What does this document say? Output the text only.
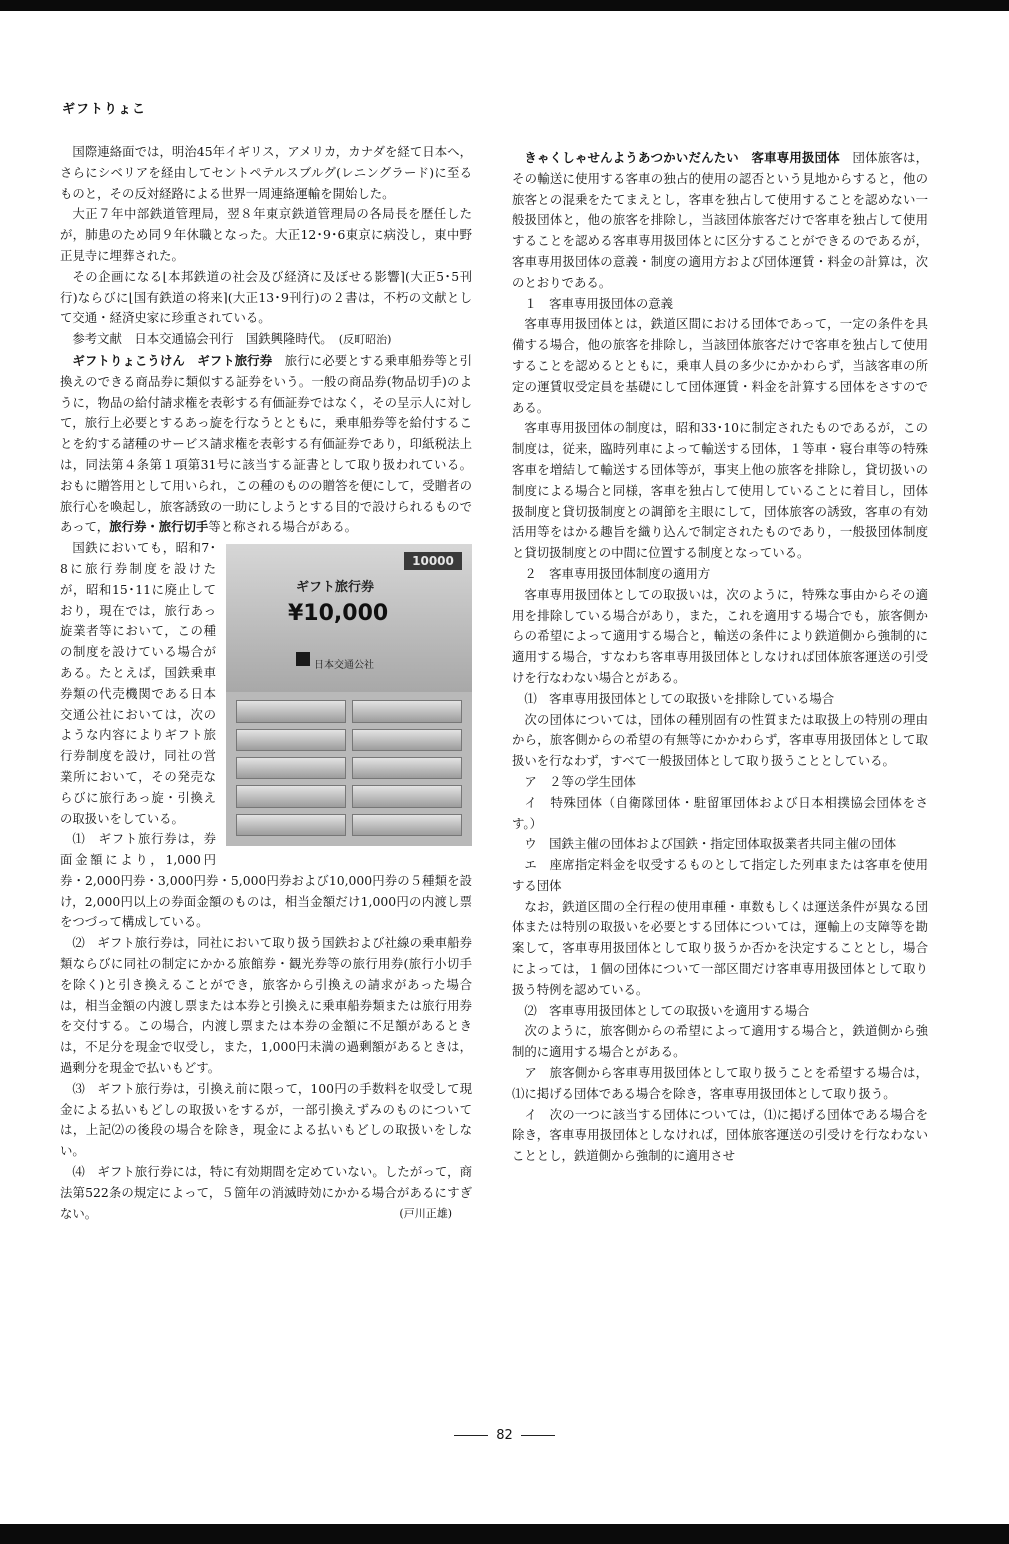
ギフトりょこ

国際連絡面では，明治45年イギリス，アメリカ，カナダを経て日本へ，さらにシベリアを経由してセントペテルスブルグ(レニングラード)に至るものと，その反対経路による世界一周連絡運輸を開始した。

大正７年中部鉄道管理局，翌８年東京鉄道管理局の各局長を歴任したが，肺患のため同９年休職となった。大正12･9･6東京に病没し，東中野正見寺に埋葬された。

その企画になる⌊本邦鉄道の社会及び経済に及ぼせる影響⌉(大正5･5刊行)ならびに⌊国有鉄道の将来⌉(大正13･9刊行)の２書は，不朽の文献として交通・経済史家に珍重されている。

参考文献　日本交通協会刊行　国鉄興隆時代。　 (反町昭治)

ギフトりょこうけん　ギフト旅行券　 旅行に必要とする乗車船券等と引換えのできる商品券に類似する証券をいう。一般の商品券(物品切手)のように，物品の給付請求権を表彰する有価証券ではなく，その呈示人に対して，旅行上必要とするあっ旋を行なうとともに，乗車船券等を給付することを約する諸種のサービス請求権を表彰する有価証券であり，印紙税法上は，同法第４条第１項第31号に該当する証書として取り扱われている。おもに贈答用として用いられ，この種のものの贈答を便にして，受贈者の旅行心を喚起し，旅客誘致の一助にしようとする目的で設けられるものであって，旅行券・旅行切手等と称される場合がある。

10000
ギフト旅行券
¥10,000
日本交通公社

国鉄においても，昭和7･8に旅行券制度を設けたが，昭和15･11に廃止しており，現在では，旅行あっ旋業者等において，この種の制度を設けている場合がある。たとえば，国鉄乗車券類の代売機関である日本交通公社においては，次のような内容によりギフト旅行券制度を設け，同社の営業所において，その発売ならびに旅行あっ旋・引換えの取扱いをしている。

⑴　ギフト旅行券は，券面金額により，1,000円券・2,000円券・3,000円券・5,000円券および10,000円券の５種類を設け，2,000円以上の券面金額のものは，相当金額だけ1,000円の内渡し票をつづって構成している。

⑵　ギフト旅行券は，同社において取り扱う国鉄および社線の乗車船券類ならびに同社の制定にかかる旅館券・観光券等の旅行用券(旅行小切手を除く)と引き換えることができ，旅客から引換えの請求があった場合は，相当金額の内渡し票または本券と引換えに乗車船券類または旅行用券を交付する。この場合，内渡し票または本券の金額に不足額があるときは，不足分を現金で収受し，また，1,000円未満の過剰額があるときは，過剰分を現金で払いもどす。

⑶　ギフト旅行券は，引換え前に限って，100円の手数料を収受して現金による払いもどしの取扱いをするが，一部引換えずみのものについては，上記⑵の後段の場合を除き，現金による払いもどしの取扱いをしない。

⑷　ギフト旅行券には，特に有効期間を定めていない。したがって，商法第522条の規定によって，５箇年の消滅時効にかかる場合があるにすぎない。	(戸川正雄)

きゃくしゃせんようあつかいだんたい　客車専用扱団体　 団体旅客は，その輸送に使用する客車の独占的使用の認否という見地からすると，他の旅客との混乗をたてまえとし，客車を独占して使用することを認めない一般扱団体と，他の旅客を排除し，当該団体旅客だけで客車を独占して使用することを認める客車専用扱団体とに区分することができるのであるが，客車専用扱団体の意義・制度の適用方および団体運賃・料金の計算は，次のとおりである。

１　客車専用扱団体の意義

客車専用扱団体とは，鉄道区間における団体であって，一定の条件を具備する場合，他の旅客を排除し，当該団体旅客だけで客車を独占して使用することを認めるとともに，乗車人員の多少にかかわらず，当該客車の所定の運賃収受定員を基礎にして団体運賃・料金を計算する団体をさすのである。

客車専用扱団体の制度は，昭和33･10に制定されたものであるが，この制度は，従来，臨時列車によって輸送する団体，１等車・寝台車等の特殊客車を増結して輸送する団体等が，事実上他の旅客を排除し，貸切扱いの制度による場合と同様，客車を独占して使用していることに着目し，団体扱制度と貸切扱制度との調節を主眼にして，団体旅客の誘致，客車の有効活用等をはかる趣旨を織り込んで制定されたものであり，一般扱団体制度と貸切扱制度との中間に位置する制度となっている。

２　客車専用扱団体制度の適用方

客車専用扱団体としての取扱いは，次のように，特殊な事由からその適用を排除している場合があり，また，これを適用する場合でも，旅客側からの希望によって適用する場合と，輸送の条件により鉄道側から強制的に適用する場合，すなわち客車専用扱団体としなければ団体旅客運送の引受けを行なわない場合とがある。

⑴　客車専用扱団体としての取扱いを排除している場合

次の団体については，団体の種別固有の性質または取扱上の特別の理由から，旅客側からの希望の有無等にかかわらず，客車専用扱団体として取扱いを行なわず，すべて一般扱団体として取り扱うこととしている。

ア　２等の学生団体

イ　特殊団体（自衛隊団体・駐留軍団体および日本相撲協会団体をさす。）

ウ　国鉄主催の団体および国鉄・指定団体取扱業者共同主催の団体

エ　座席指定料金を収受するものとして指定した列車または客車を使用する団体

なお，鉄道区間の全行程の使用車種・車数もしくは運送条件が異なる団体または特別の取扱いを必要とする団体については，運輸上の支障等を勘案して，客車専用扱団体として取り扱うか否かを決定することとし，場合によっては，１個の団体について一部区間だけ客車専用扱団体として取り扱う特例を認めている。

⑵　客車専用扱団体としての取扱いを適用する場合

次のように，旅客側からの希望によって適用する場合と，鉄道側から強制的に適用する場合とがある。

ア　旅客側から客車専用扱団体として取り扱うことを希望する場合は，⑴に掲げる団体である場合を除き，客車専用扱団体として取り扱う。

イ　次の一つに該当する団体については，⑴に掲げる団体である場合を除き，客車専用扱団体としなければ，団体旅客運送の引受けを行なわないこととし，鉄道側から強制的に適用させ

82
